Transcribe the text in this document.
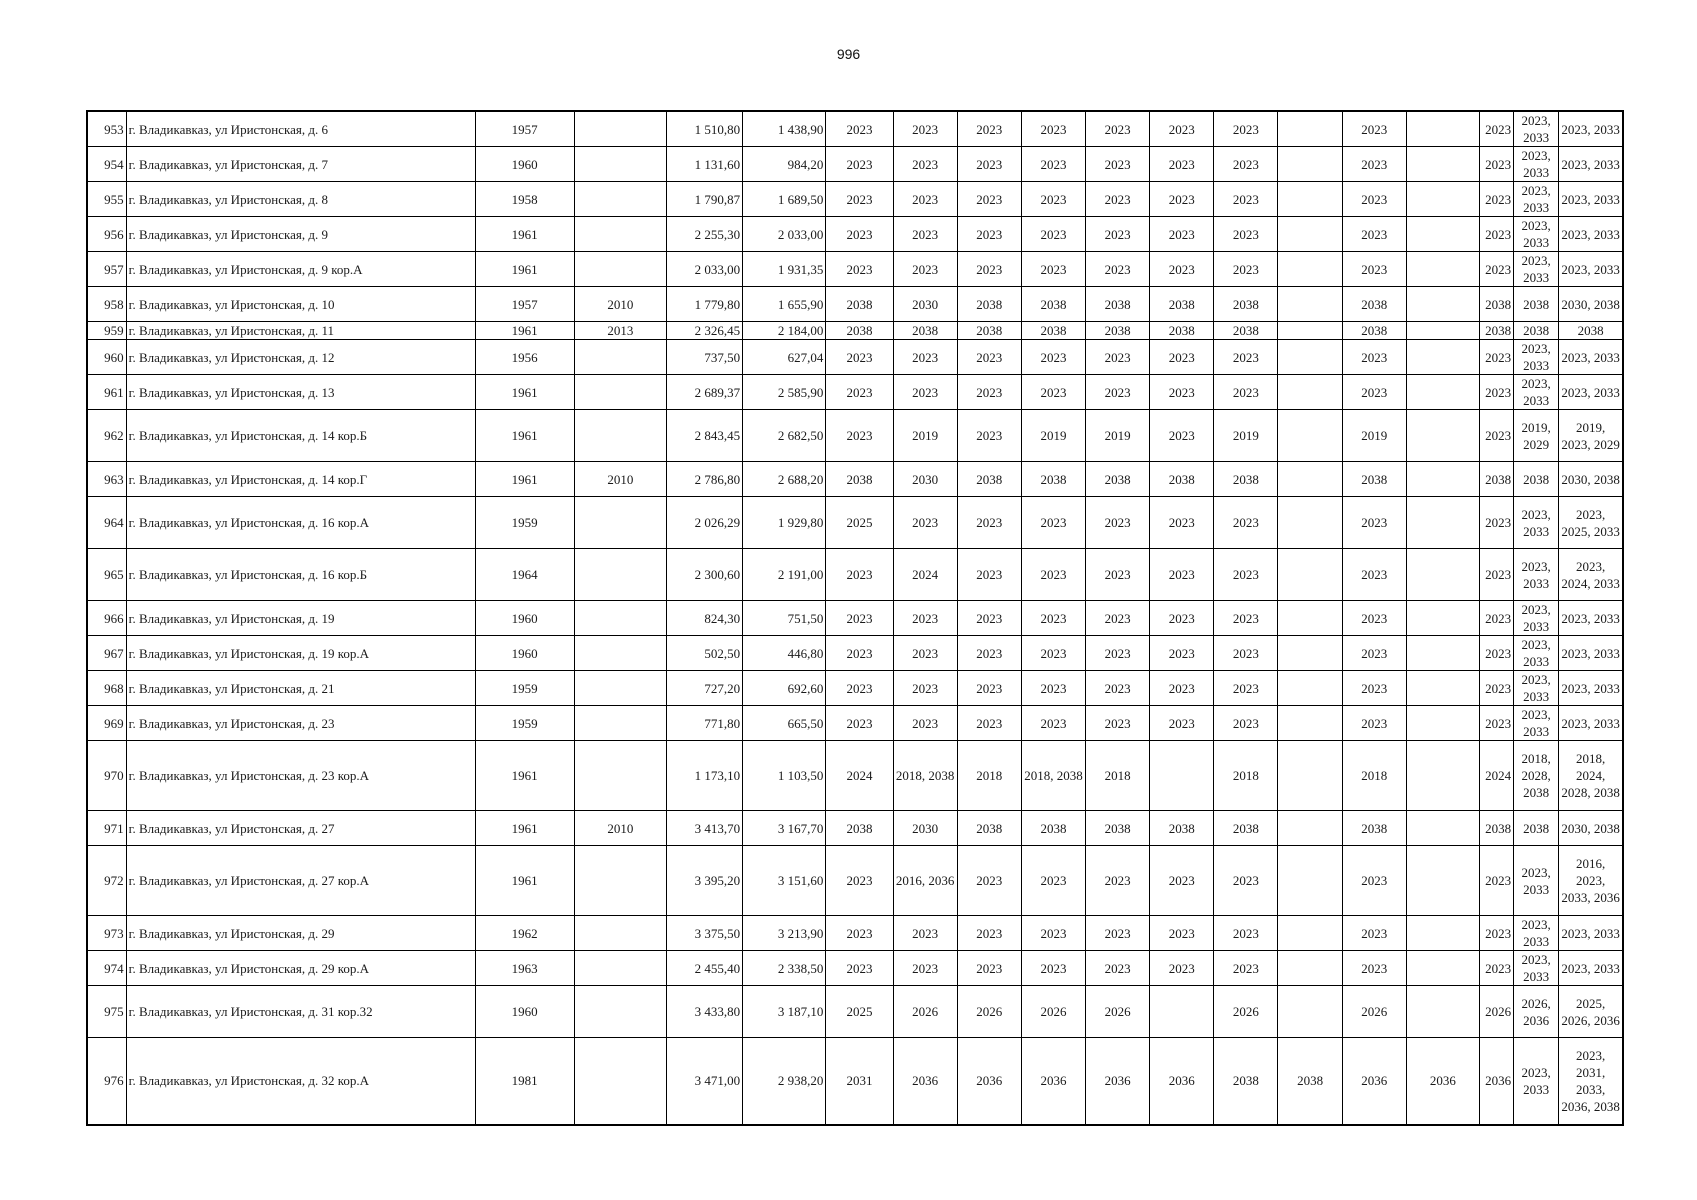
996
953	г. Владикавказ, ул Иристонская, д. 6	1957		1 510,80	1 438,90	2023	2023	2023	2023	2023	2023	2023		2023		2023	2023, 2033	2023, 2033
954	г. Владикавказ, ул Иристонская, д. 7	1960		1 131,60	984,20	2023	2023	2023	2023	2023	2023	2023		2023		2023	2023, 2033	2023, 2033
955	г. Владикавказ, ул Иристонская, д. 8	1958		1 790,87	1 689,50	2023	2023	2023	2023	2023	2023	2023		2023		2023	2023, 2033	2023, 2033
956	г. Владикавказ, ул Иристонская, д. 9	1961		2 255,30	2 033,00	2023	2023	2023	2023	2023	2023	2023		2023		2023	2023, 2033	2023, 2033
957	г. Владикавказ, ул Иристонская, д. 9 кор.А	1961		2 033,00	1 931,35	2023	2023	2023	2023	2023	2023	2023		2023		2023	2023, 2033	2023, 2033
958	г. Владикавказ, ул Иристонская, д. 10	1957	2010	1 779,80	1 655,90	2038	2030	2038	2038	2038	2038	2038		2038		2038	2038	2030, 2038
959	г. Владикавказ, ул Иристонская, д. 11	1961	2013	2 326,45	2 184,00	2038	2038	2038	2038	2038	2038	2038		2038		2038	2038	2038
960	г. Владикавказ, ул Иристонская, д. 12	1956		737,50	627,04	2023	2023	2023	2023	2023	2023	2023		2023		2023	2023, 2033	2023, 2033
961	г. Владикавказ, ул Иристонская, д. 13	1961		2 689,37	2 585,90	2023	2023	2023	2023	2023	2023	2023		2023		2023	2023, 2033	2023, 2033
962	г. Владикавказ, ул Иристонская, д. 14 кор.Б	1961		2 843,45	2 682,50	2023	2019	2023	2019	2019	2023	2019		2019		2023	2019, 2029	2019, 2023, 2029
963	г. Владикавказ, ул Иристонская, д. 14 кор.Г	1961	2010	2 786,80	2 688,20	2038	2030	2038	2038	2038	2038	2038		2038		2038	2038	2030, 2038
964	г. Владикавказ, ул Иристонская, д. 16 кор.А	1959		2 026,29	1 929,80	2025	2023	2023	2023	2023	2023	2023		2023		2023	2023, 2033	2023, 2025, 2033
965	г. Владикавказ, ул Иристонская, д. 16 кор.Б	1964		2 300,60	2 191,00	2023	2024	2023	2023	2023	2023	2023		2023		2023	2023, 2033	2023, 2024, 2033
966	г. Владикавказ, ул Иристонская, д. 19	1960		824,30	751,50	2023	2023	2023	2023	2023	2023	2023		2023		2023	2023, 2033	2023, 2033
967	г. Владикавказ, ул Иристонская, д. 19 кор.А	1960		502,50	446,80	2023	2023	2023	2023	2023	2023	2023		2023		2023	2023, 2033	2023, 2033
968	г. Владикавказ, ул Иристонская, д. 21	1959		727,20	692,60	2023	2023	2023	2023	2023	2023	2023		2023		2023	2023, 2033	2023, 2033
969	г. Владикавказ, ул Иристонская, д. 23	1959		771,80	665,50	2023	2023	2023	2023	2023	2023	2023		2023		2023	2023, 2033	2023, 2033
970	г. Владикавказ, ул Иристонская, д. 23 кор.А	1961		1 173,10	1 103,50	2024	2018, 2038	2018	2018, 2038	2018		2018		2018		2024	2018, 2028, 2038	2018, 2024, 2028, 2038
971	г. Владикавказ, ул Иристонская, д. 27	1961	2010	3 413,70	3 167,70	2038	2030	2038	2038	2038	2038	2038		2038		2038	2038	2030, 2038
972	г. Владикавказ, ул Иристонская, д. 27 кор.А	1961		3 395,20	3 151,60	2023	2016, 2036	2023	2023	2023	2023	2023		2023		2023	2023, 2033	2016, 2023, 2033, 2036
973	г. Владикавказ, ул Иристонская, д. 29	1962		3 375,50	3 213,90	2023	2023	2023	2023	2023	2023	2023		2023		2023	2023, 2033	2023, 2033
974	г. Владикавказ, ул Иристонская, д. 29 кор.А	1963		2 455,40	2 338,50	2023	2023	2023	2023	2023	2023	2023		2023		2023	2023, 2033	2023, 2033
975	г. Владикавказ, ул Иристонская, д. 31 кор.32	1960		3 433,80	3 187,10	2025	2026	2026	2026	2026		2026		2026		2026	2026, 2036	2025, 2026, 2036
976	г. Владикавказ, ул Иристонская, д. 32 кор.А	1981		3 471,00	2 938,20	2031	2036	2036	2036	2036	2036	2038	2038	2036	2036	2036	2023, 2033	2023, 2031, 2033, 2036, 2038
